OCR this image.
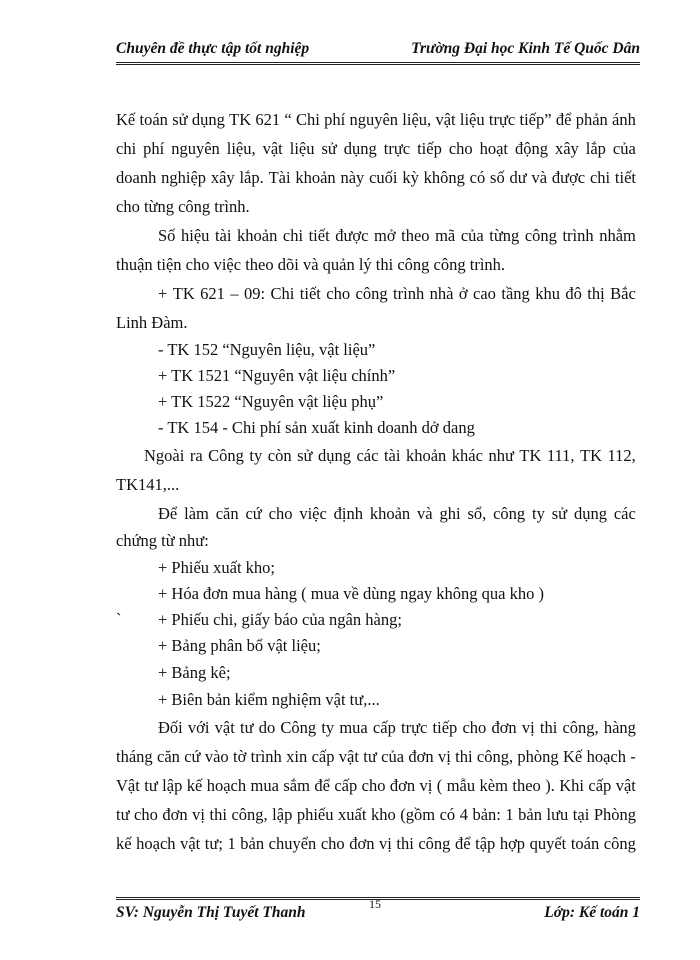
Chuyên đề thực tập tốt nghiệp	Trường Đại học Kinh Tế Quốc Dân
Kế toán sử dụng TK 621 “ Chi phí nguyên liệu, vật liệu trực tiếp” để phản ánh
chi phí nguyên liệu, vật liệu sử dụng trực tiếp cho hoạt động xây lắp của
doanh nghiệp xây lắp. Tài khoản này cuối kỳ không có số dư và được chi tiết
cho từng công trình.
Số hiệu tài khoản chi tiết được mở theo mã của từng công trình nhằm
thuận tiện cho việc theo dõi và quản lý thi công công trình.
+ TK 621 – 09: Chi tiết cho công trình nhà ở cao tầng khu đô thị Bắc
Linh Đàm.
- TK 152 “Nguyên liệu, vật liệu”
+ TK 1521 “Nguyên vật liệu chính”
+ TK 1522 “Nguyên vật liệu phụ”
- TK 154 - Chi phí sản xuất kinh doanh dở dang
Ngoài ra Công ty còn sử dụng các tài khoản khác như TK 111, TK 112,
TK141,...
Để làm căn cứ cho việc định khoản và ghi sổ, công ty sử dụng các
chứng từ như:
+ Phiếu xuất kho;
+ Hóa đơn mua hàng ( mua về dùng ngay không qua kho )
` + Phiếu chi, giấy báo của ngân hàng;
+ Bảng phân bổ vật liệu;
+ Bảng kê;
+ Biên bản kiểm nghiệm vật tư,...
Đối với vật tư do Công ty mua cấp trực tiếp cho đơn vị thi công, hàng
tháng căn cứ vào tờ trình xin cấp vật tư của đơn vị thi công, phòng Kế hoạch -
Vật tư lập kế hoạch mua sắm để cấp cho đơn vị ( mẫu kèm theo ). Khi cấp vật
tư cho đơn vị thi công, lập phiếu xuất kho (gồm có 4 bản: 1 bản lưu tại Phòng
kế hoạch vật tư; 1 bản chuyển cho đơn vị thi công để tập hợp quyết toán công
SV: Nguyễn Thị Tuyết Thanh	Lớp: Kế toán 1
15
